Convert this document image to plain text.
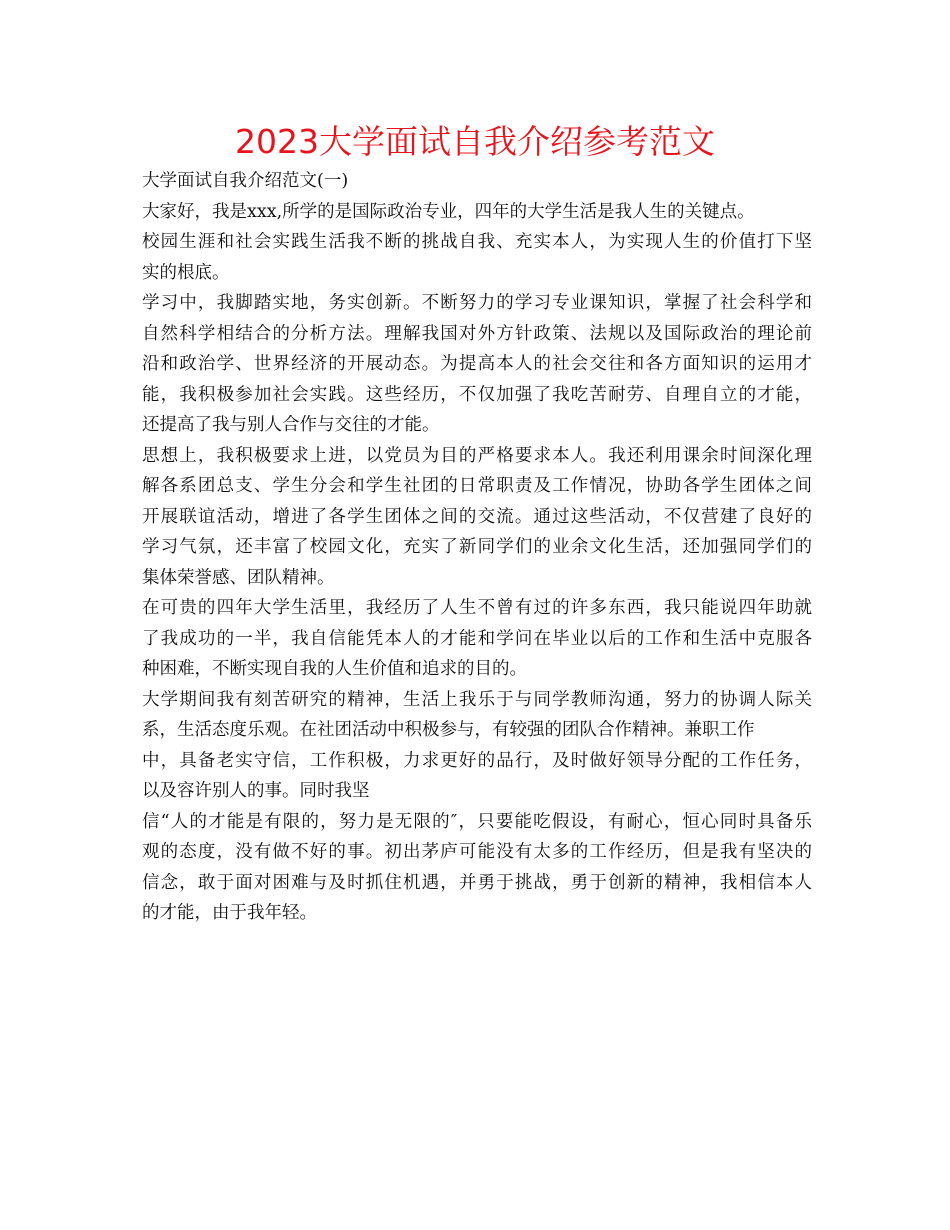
2023大学面试自我介绍参考范文
大学面试自我介绍范文(一)
大家好，我是xxx,所学的是国际政治专业，四年的大学生活是我人生的关键点。
校园生涯和社会实践生活我不断的挑战自我、充实本人，为实现人生的价值打下坚
实的根底。
学习中，我脚踏实地，务实创新。不断努力的学习专业课知识，掌握了社会科学和
自然科学相结合的分析方法。理解我国对外方针政策、法规以及国际政治的理论前
沿和政治学、世界经济的开展动态。为提高本人的社会交往和各方面知识的运用才
能，我积极参加社会实践。这些经历，不仅加强了我吃苦耐劳、自理自立的才能，
还提高了我与别人合作与交往的才能。
思想上，我积极要求上进，以党员为目的严格要求本人。我还利用课余时间深化理
解各系团总支、学生分会和学生社团的日常职责及工作情况，协助各学生团体之间
开展联谊活动，增进了各学生团体之间的交流。通过这些活动，不仅营建了良好的
学习气氛，还丰富了校园文化，充实了新同学们的业余文化生活，还加强同学们的
集体荣誉感、团队精神。
在可贵的四年大学生活里，我经历了人生不曾有过的许多东西，我只能说四年助就
了我成功的一半，我自信能凭本人的才能和学问在毕业以后的工作和生活中克服各
种困难，不断实现自我的人生价值和追求的目的。
大学期间我有刻苦研究的精神，生活上我乐于与同学教师沟通，努力的协调人际关
系，生活态度乐观。在社团活动中积极参与，有较强的团队合作精神。兼职工作
中，具备老实守信，工作积极，力求更好的品行，及时做好领导分配的工作任务，
以及容许别人的事。同时我坚
信“人的才能是有限的，努力是无限的″，只要能吃假设，有耐心，恒心同时具备乐
观的态度，没有做不好的事。初出茅庐可能没有太多的工作经历，但是我有坚决的
信念，敢于面对困难与及时抓住机遇，并勇于挑战，勇于创新的精神，我相信本人
的才能，由于我年轻。
